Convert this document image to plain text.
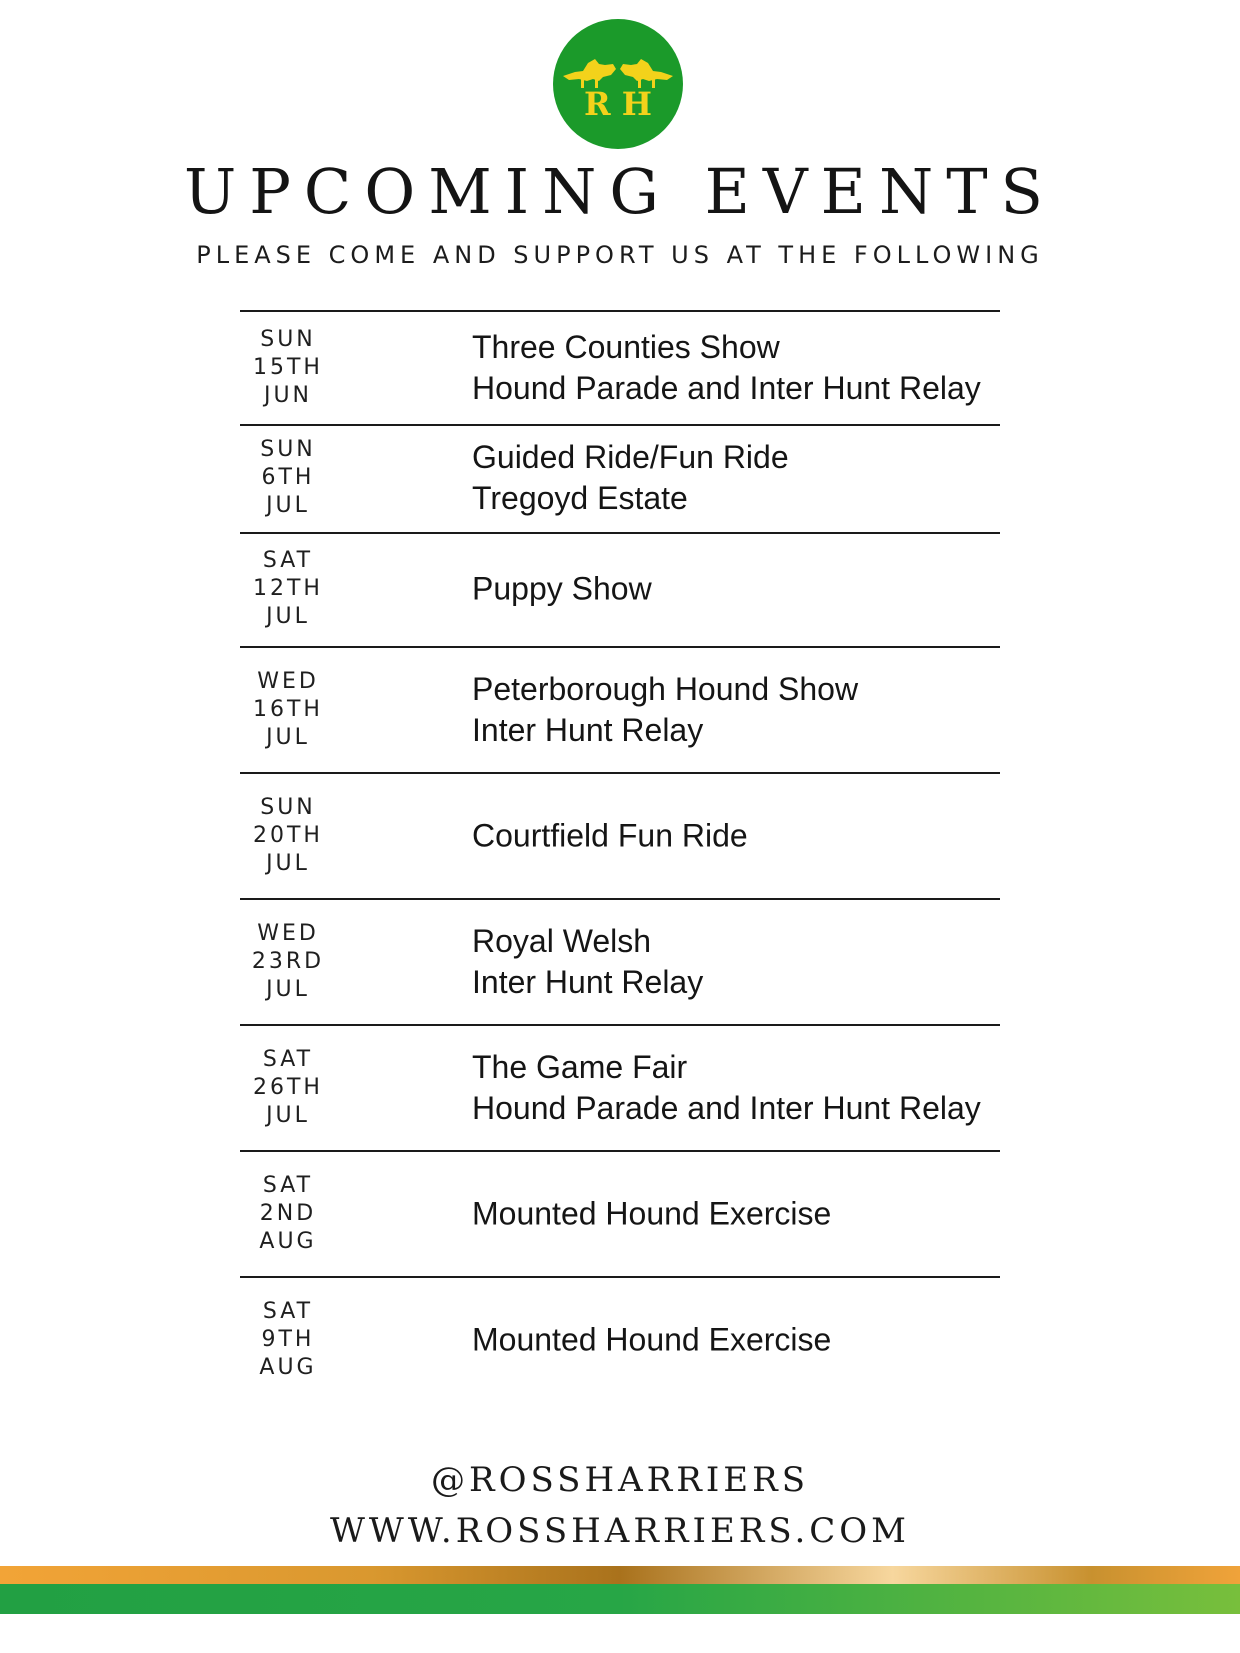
R H
UPCOMING EVENTS

PLEASE COME AND SUPPORT US AT THE FOLLOWING

SUN
15TH
JUN
Three Counties Show
Hound Parade and Inter Hunt Relay
SUN
6TH
JUL
Guided Ride/Fun Ride
Tregoyd Estate
SAT
12TH
JUL
Puppy Show
WED
16TH
JUL
Peterborough Hound Show
Inter Hunt Relay
SUN
20TH
JUL
Courtfield Fun Ride
WED
23RD
JUL
Royal Welsh
Inter Hunt Relay
SAT
26TH
JUL
The Game Fair
Hound Parade and Inter Hunt Relay
SAT
2ND
AUG
Mounted Hound Exercise
SAT
9TH
AUG
Mounted Hound Exercise
@ROSSHARRIERS
WWW.ROSSHARRIERS.COM
